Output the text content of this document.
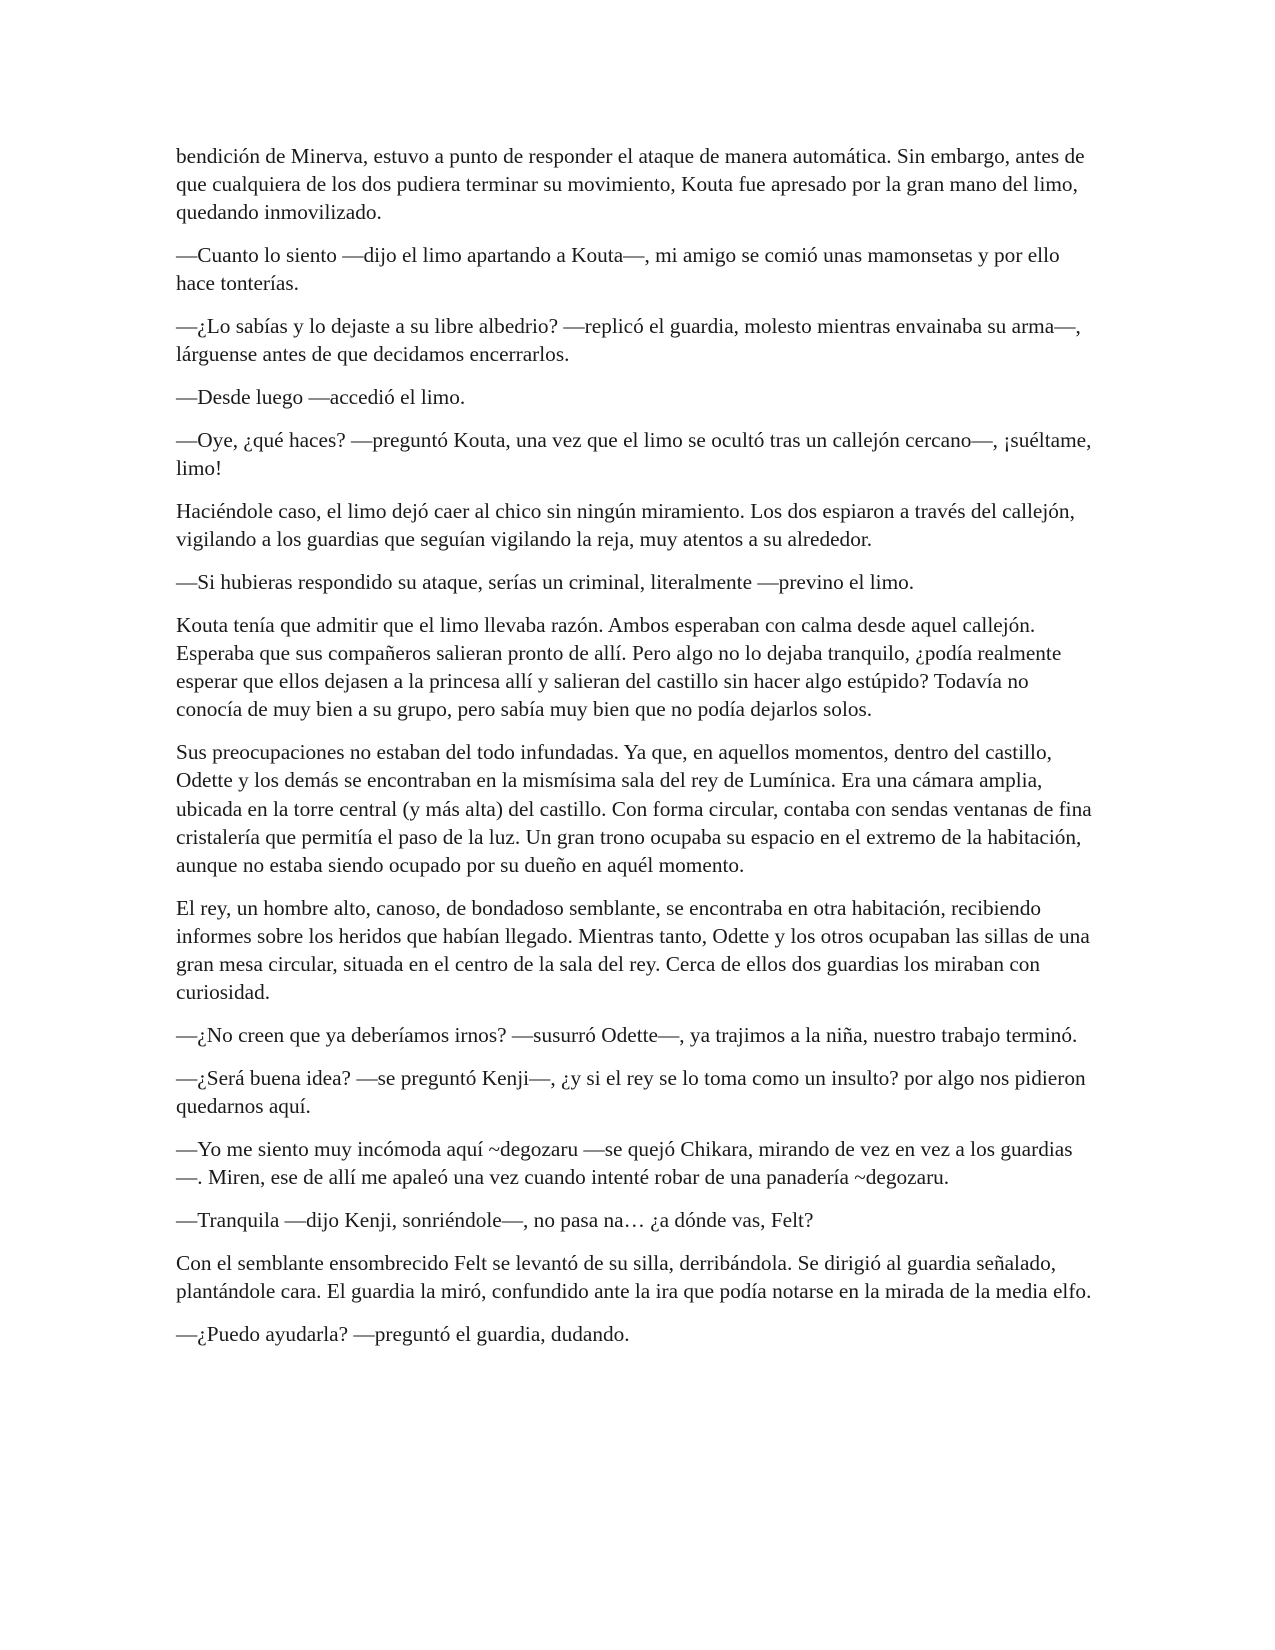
bendición de Minerva, estuvo a punto de responder el ataque de manera automática. Sin embargo, antes de que cualquiera de los dos pudiera terminar su movimiento, Kouta fue apresado por la gran mano del limo, quedando inmovilizado.

—Cuanto lo siento —dijo el limo apartando a Kouta—, mi amigo se comió unas mamonsetas y por ello hace tonterías.

—¿Lo sabías y lo dejaste a su libre albedrio? —replicó el guardia, molesto mientras envainaba su arma—, lárguense antes de que decidamos encerrarlos.

—Desde luego —accedió el limo.

—Oye, ¿qué haces? —preguntó Kouta, una vez que el limo se ocultó tras un callejón cercano—, ¡suéltame, limo!

Haciéndole caso, el limo dejó caer al chico sin ningún miramiento. Los dos espiaron a través del callejón, vigilando a los guardias que seguían vigilando la reja, muy atentos a su alrededor.

—Si hubieras respondido su ataque, serías un criminal, literalmente —previno el limo.

Kouta tenía que admitir que el limo llevaba razón. Ambos esperaban con calma desde aquel callejón. Esperaba que sus compañeros salieran pronto de allí. Pero algo no lo dejaba tranquilo, ¿podía realmente esperar que ellos dejasen a la princesa allí y salieran del castillo sin hacer algo estúpido? Todavía no conocía de muy bien a su grupo, pero sabía muy bien que no podía dejarlos solos.

Sus preocupaciones no estaban del todo infundadas. Ya que, en aquellos momentos, dentro del castillo, Odette y los demás se encontraban en la mismísima sala del rey de Lumínica. Era una cámara amplia, ubicada en la torre central (y más alta) del castillo. Con forma circular, contaba con sendas ventanas de fina cristalería que permitía el paso de la luz. Un gran trono ocupaba su espacio en el extremo de la habitación, aunque no estaba siendo ocupado por su dueño en aquél momento.

El rey, un hombre alto, canoso, de bondadoso semblante, se encontraba en otra habitación, recibiendo informes sobre los heridos que habían llegado. Mientras tanto, Odette y los otros ocupaban las sillas de una gran mesa circular, situada en el centro de la sala del rey. Cerca de ellos dos guardias los miraban con curiosidad.

—¿No creen que ya deberíamos irnos? —susurró Odette—, ya trajimos a la niña, nuestro trabajo terminó.

—¿Será buena idea? —se preguntó Kenji—, ¿y si el rey se lo toma como un insulto? por algo nos pidieron quedarnos aquí.

—Yo me siento muy incómoda aquí ~degozaru —se quejó Chikara, mirando de vez en vez a los guardias—. Miren, ese de allí me apaleó una vez cuando intenté robar de una panadería ~degozaru.

—Tranquila —dijo Kenji, sonriéndole—, no pasa na… ¿a dónde vas, Felt?

Con el semblante ensombrecido Felt se levantó de su silla, derribándola. Se dirigió al guardia señalado, plantándole cara. El guardia la miró, confundido ante la ira que podía notarse en la mirada de la media elfo.

—¿Puedo ayudarla? —preguntó el guardia, dudando.
